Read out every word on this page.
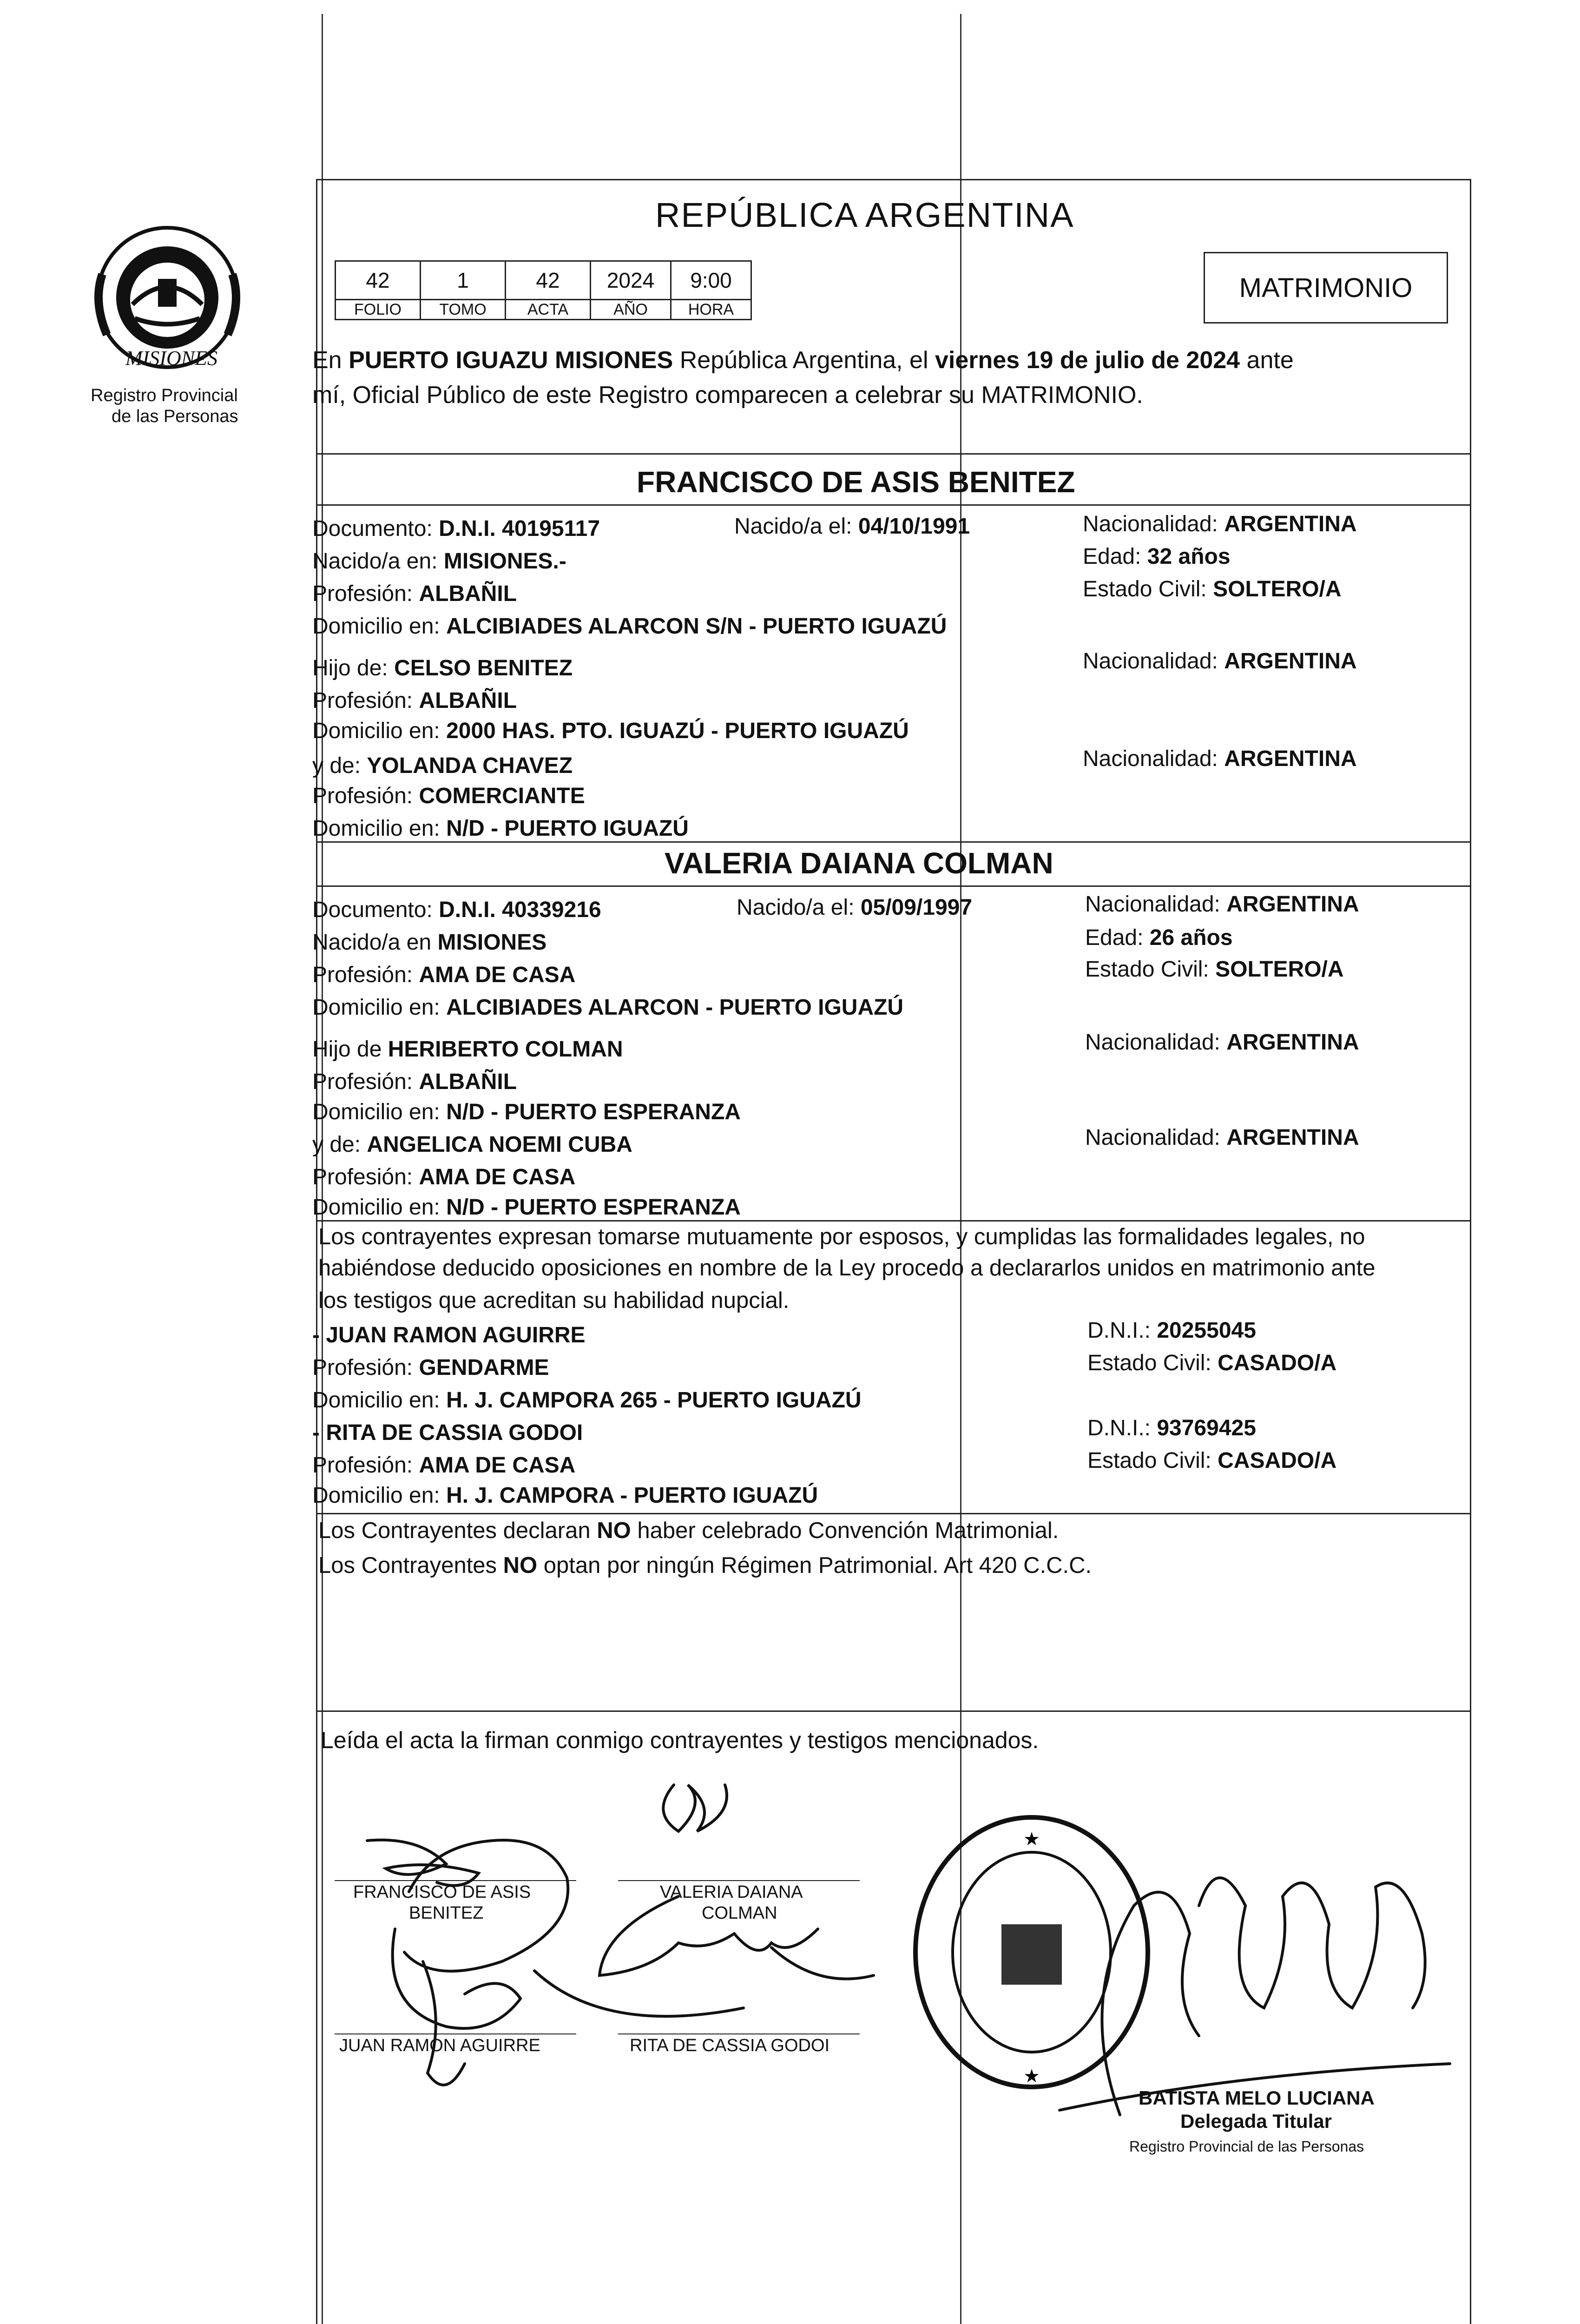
MISIONES
Registro Provincial
de las Personas
REPÚBLICA ARGENTINA
42	1	42	2024	9:00
FOLIO	TOMO	ACTA	AÑO	HORA
MATRIMONIO
En PUERTO IGUAZU MISIONES República Argentina, el viernes 19 de julio de 2024 ante
mí, Oficial Público de este Registro comparecen a celebrar su MATRIMONIO.
FRANCISCO DE ASIS BENITEZ
Documento: D.N.I. 40195117	Nacido/a el: 04/10/1991	Nacionalidad: ARGENTINA
Nacido/a en: MISIONES.-	Edad: 32 años
Profesión: ALBAÑIL	Estado Civil: SOLTERO/A
Domicilio en: ALCIBIADES ALARCON S/N - PUERTO IGUAZÚ
Hijo de: CELSO BENITEZ	Nacionalidad: ARGENTINA
Profesión: ALBAÑIL
Domicilio en: 2000 HAS. PTO. IGUAZÚ - PUERTO IGUAZÚ
y de: YOLANDA CHAVEZ	Nacionalidad: ARGENTINA
Profesión: COMERCIANTE
Domicilio en: N/D - PUERTO IGUAZÚ
VALERIA DAIANA COLMAN
Documento: D.N.I. 40339216	Nacido/a el: 05/09/1997	Nacionalidad: ARGENTINA
Nacido/a en MISIONES	Edad: 26 años
Profesión: AMA DE CASA	Estado Civil: SOLTERO/A
Domicilio en: ALCIBIADES ALARCON - PUERTO IGUAZÚ
Hijo de HERIBERTO COLMAN	Nacionalidad: ARGENTINA
Profesión: ALBAÑIL
Domicilio en: N/D - PUERTO ESPERANZA
y de: ANGELICA NOEMI CUBA	Nacionalidad: ARGENTINA
Profesión: AMA DE CASA
Domicilio en: N/D - PUERTO ESPERANZA
Los contrayentes expresan tomarse mutuamente por esposos, y cumplidas las formalidades legales, no
habiéndose deducido oposiciones en nombre de la Ley procedo a declararlos unidos en matrimonio ante
los testigos que acreditan su habilidad nupcial.
- JUAN RAMON AGUIRRE	D.N.I.: 20255045
Profesión: GENDARME	Estado Civil: CASADO/A
Domicilio en: H. J. CAMPORA 265 - PUERTO IGUAZÚ
- RITA DE CASSIA GODOI	D.N.I.: 93769425
Profesión: AMA DE CASA	Estado Civil: CASADO/A
Domicilio en: H. J. CAMPORA - PUERTO IGUAZÚ
Los Contrayentes declaran NO haber celebrado Convención Matrimonial.
Los Contrayentes NO optan por ningún Régimen Patrimonial. Art 420 C.C.C.
Leída el acta la firman conmigo contrayentes y testigos mencionados.
FRANCISCO DE ASIS
BENITEZ
VALERIA DAIANA
COLMAN
JUAN RAMON AGUIRRE	RITA DE CASSIA GODOI
★
★
BATISTA MELO LUCIANA
Delegada Titular
Registro Provincial de las Personas
